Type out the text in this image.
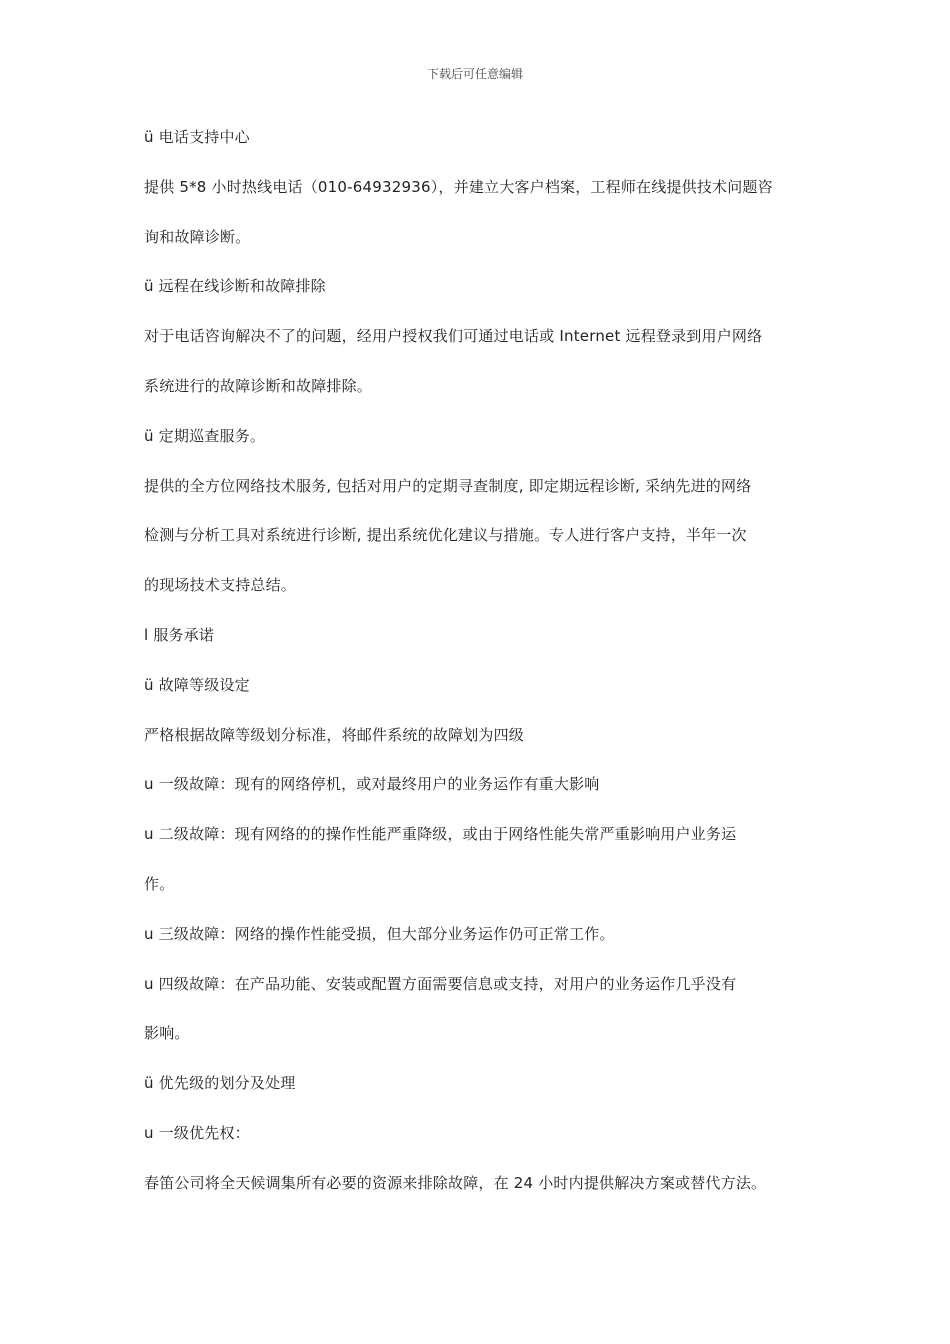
下载后可任意编辑
ü 电话支持中心
提供 5*8 小时热线电话（010-64932936），并建立大客户档案，工程师在线提供技术问题咨
询和故障诊断。
ü 远程在线诊断和故障排除
对于电话咨询解决不了的问题，经用户授权我们可通过电话或 Internet 远程登录到用户网络
系统进行的故障诊断和故障排除。
ü 定期巡查服务。
提供的全方位网络技术服务, 包括对用户的定期寻查制度, 即定期远程诊断, 采纳先进的网络
检测与分析工具对系统进行诊断, 提出系统优化建议与措施。专人进行客户支持，半年一次
的现场技术支持总结。
l 服务承诺
ü 故障等级设定
严格根据故障等级划分标准，将邮件系统的故障划为四级
u 一级故障：现有的网络停机，或对最终用户的业务运作有重大影响
u 二级故障：现有网络的的操作性能严重降级，或由于网络性能失常严重影响用户业务运
作。
u 三级故障：网络的操作性能受损，但大部分业务运作仍可正常工作。
u 四级故障：在产品功能、安装或配置方面需要信息或支持，对用户的业务运作几乎没有
影响。
ü 优先级的划分及处理
u 一级优先权：
春笛公司将全天候调集所有必要的资源来排除故障，在 24 小时内提供解决方案或替代方法。
